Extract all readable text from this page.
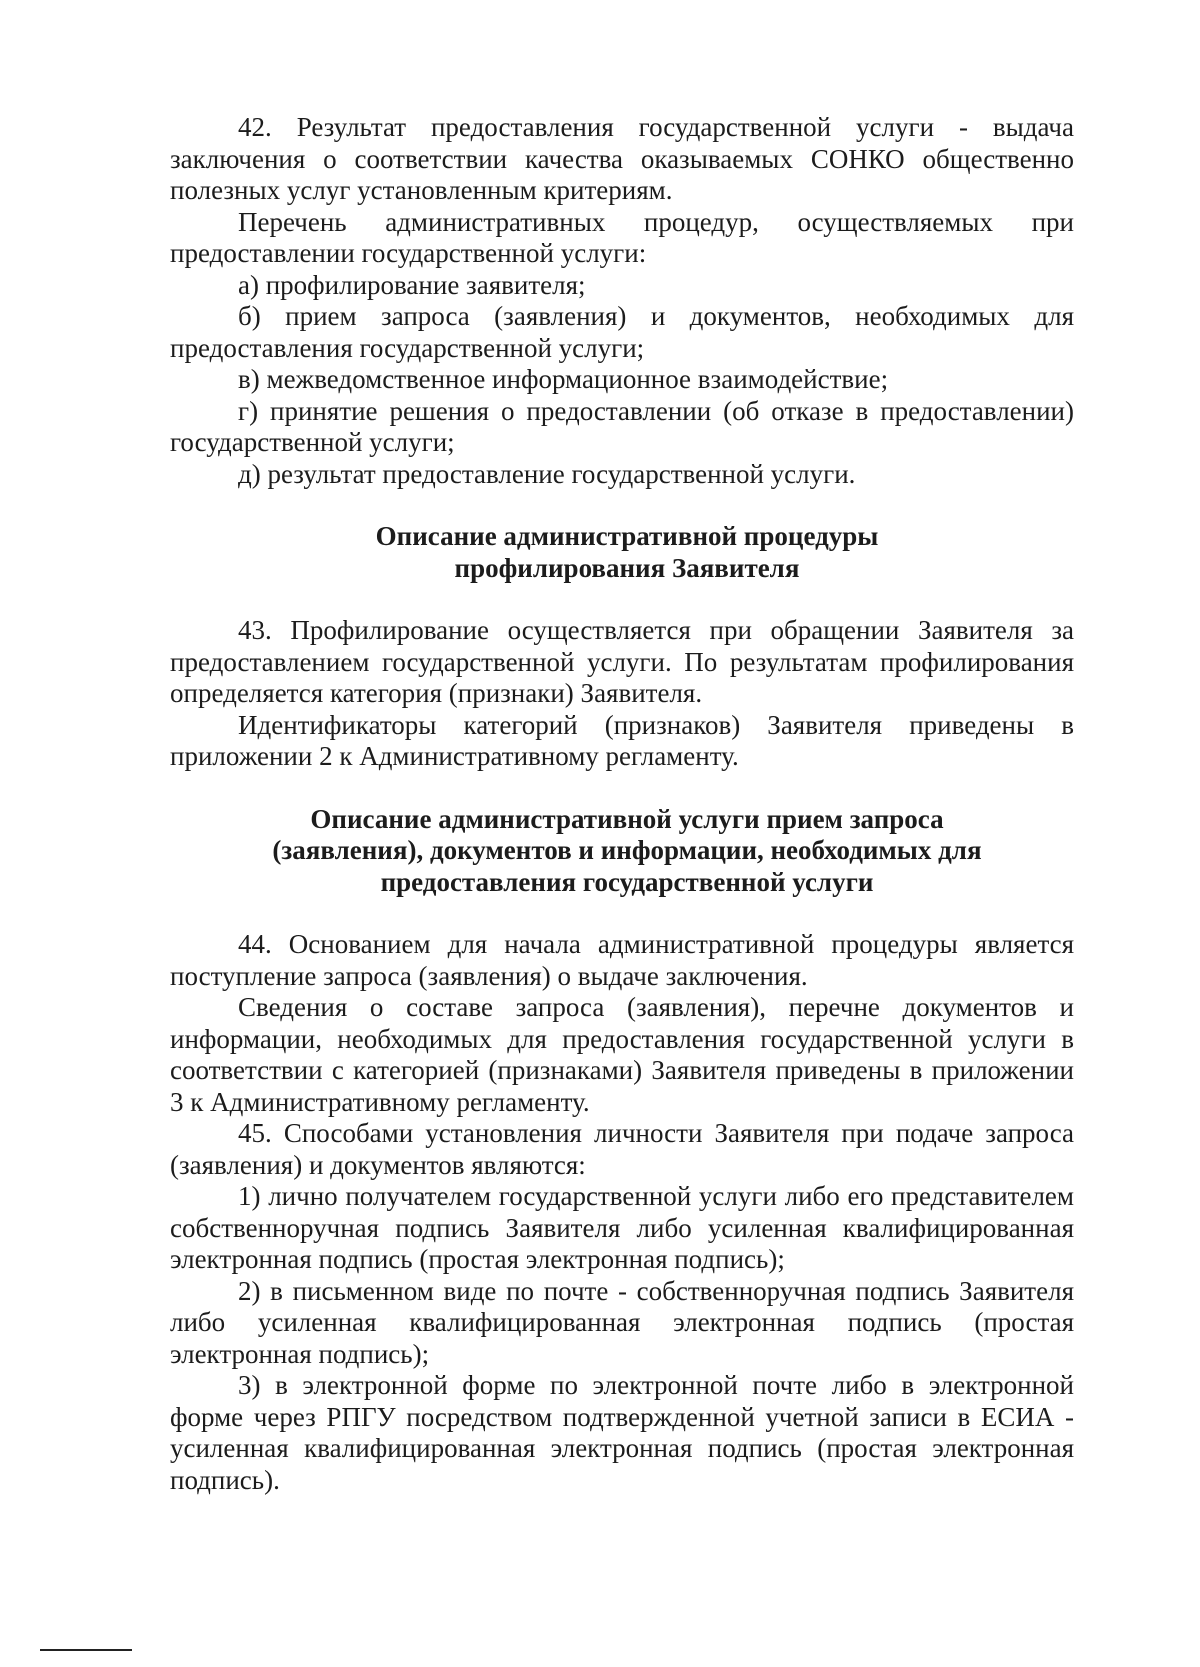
42. Результат предоставления государственной услуги - выдача заключения о соответствии качества оказываемых СОНКО общественно полезных услуг установленным критериям.

Перечень административных процедур, осуществляемых при предоставлении государственной услуги:

а) профилирование заявителя;

б) прием запроса (заявления) и документов, необходимых для предоставления государственной услуги;

в) межведомственное информационное взаимодействие;

г) принятие решения о предоставлении (об отказе в предоставлении) государственной услуги;

д) результат предоставление государственной услуги.

Описание административной процедуры

профилирования Заявителя

43. Профилирование осуществляется при обращении Заявителя за предоставлением государственной услуги. По результатам профилирования определяется категория (признаки) Заявителя.

Идентификаторы категорий (признаков) Заявителя приведены в приложении 2 к Административному регламенту.

Описание административной услуги прием запроса

(заявления), документов и информации, необходимых для

предоставления государственной услуги

44. Основанием для начала административной процедуры является поступление запроса (заявления) о выдаче заключения.

Сведения о составе запроса (заявления), перечне документов и информации, необходимых для предоставления государственной услуги в соответствии с категорией (признаками) Заявителя приведены в приложении 3 к Административному регламенту.

45. Способами установления личности Заявителя при подаче запроса (заявления) и документов являются:

1) лично получателем государственной услуги либо его представителем собственноручная подпись Заявителя либо усиленная квалифицированная электронная подпись (простая электронная подпись);

2) в письменном виде по почте - собственноручная подпись Заявителя либо усиленная квалифицированная электронная подпись (простая электронная подпись);

3) в электронной форме по электронной почте либо в электронной форме через РПГУ посредством подтвержденной учетной записи в ЕСИА - усиленная квалифицированная электронная подпись (простая электронная подпись).
